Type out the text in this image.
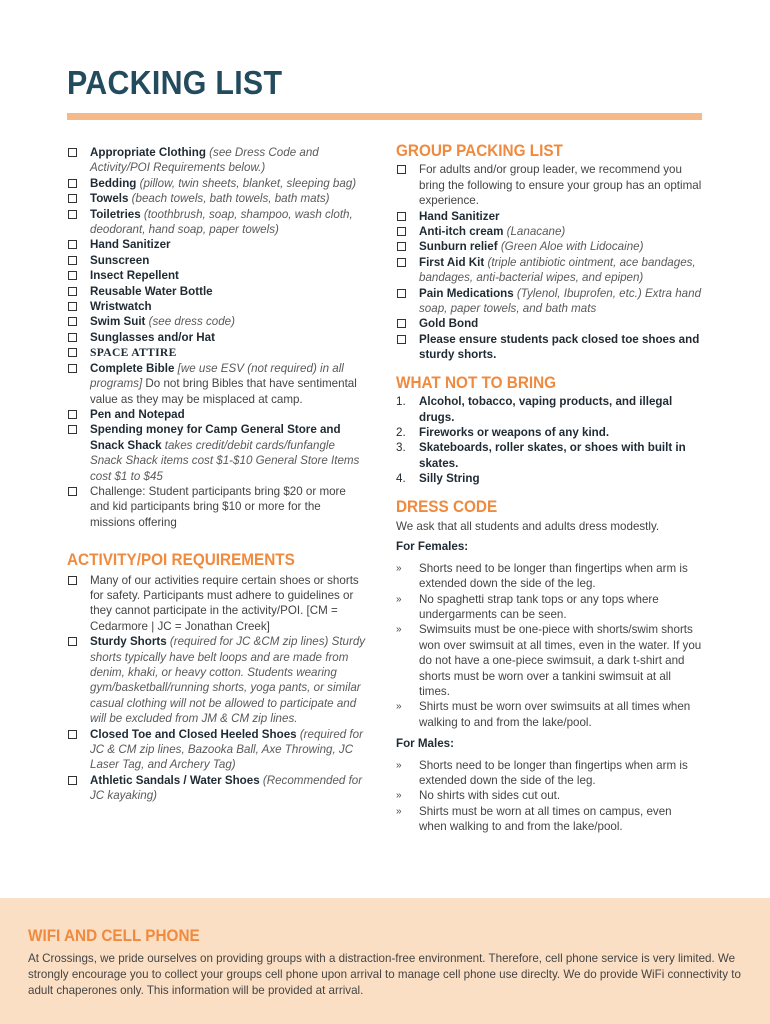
PACKING LIST
Appropriate Clothing (see Dress Code and Activity/POI Requirements below.)
Bedding (pillow, twin sheets, blanket, sleeping bag)
Towels (beach towels, bath towels, bath mats)
Toiletries (toothbrush, soap, shampoo, wash cloth, deodorant, hand soap, paper towels)
Hand Sanitizer
Sunscreen
Insect Repellent
Reusable Water Bottle
Wristwatch
Swim Suit (see dress code)
Sunglasses and/or Hat
SPACE ATTIRE
Complete Bible [we use ESV (not required) in all programs] Do not bring Bibles that have sentimental value as they may be misplaced at camp.
Pen and Notepad
Spending money for Camp General Store and Snack Shack takes credit/debit cards/funfangle Snack Shack items cost $1-$10 General Store Items cost $1 to $45
Challenge: Student participants bring $20 or more and kid participants bring $10 or more for the missions offering
ACTIVITY/POI REQUIREMENTS
Many of our activities require certain shoes or shorts for safety. Participants must adhere to guidelines or they cannot participate in the activity/POI. [CM = Cedarmore | JC = Jonathan Creek]
Sturdy Shorts (required for JC &CM zip lines) Sturdy shorts typically have belt loops and are made from denim, khaki, or heavy cotton. Students wearing gym/basketball/running shorts, yoga pants, or similar casual clothing will not be allowed to participate and will be excluded from JM & CM zip lines.
Closed Toe and Closed Heeled Shoes (required for JC & CM zip lines, Bazooka Ball, Axe Throwing, JC Laser Tag, and Archery Tag)
Athletic Sandals / Water Shoes (Recommended for JC kayaking)
GROUP PACKING LIST
For adults and/or group leader, we recommend you bring the following to ensure your group has an optimal experience.
Hand Sanitizer
Anti-itch cream (Lanacane)
Sunburn relief (Green Aloe with Lidocaine)
First Aid Kit (triple antibiotic ointment, ace bandages, bandages, anti-bacterial wipes, and epipen)
Pain Medications (Tylenol, Ibuprofen, etc.) Extra hand soap, paper towels, and bath mats
Gold Bond
Please ensure students pack closed toe shoes and sturdy shorts.
WHAT NOT TO BRING
1. Alcohol, tobacco, vaping products, and illegal drugs.
2. Fireworks or weapons of any kind.
3. Skateboards, roller skates, or shoes with built in skates.
4. Silly String
DRESS CODE
We ask that all students and adults dress modestly.
For Females:
» Shorts need to be longer than fingertips when arm is extended down the side of the leg.
» No spaghetti strap tank tops or any tops where undergarments can be seen.
» Swimsuits must be one-piece with shorts/swim shorts won over swimsuit at all times, even in the water. If you do not have a one-piece swimsuit, a dark t-shirt and shorts must be worn over a tankini swimsuit at all times.
» Shirts must be worn over swimsuits at all times when walking to and from the lake/pool.
For Males:
» Shorts need to be longer than fingertips when arm is extended down the side of the leg.
» No shirts with sides cut out.
» Shirts must be worn at all times on campus, even when walking to and from the lake/pool.
WIFI AND CELL PHONE

At Crossings, we pride ourselves on providing groups with a distraction-free environment. Therefore, cell phone service is very limited. We strongly encourage you to collect your groups cell phone upon arrival to manage cell phone use direclty. We do provide WiFi connectivity to adult chaperones only. This information will be provided at arrival.
